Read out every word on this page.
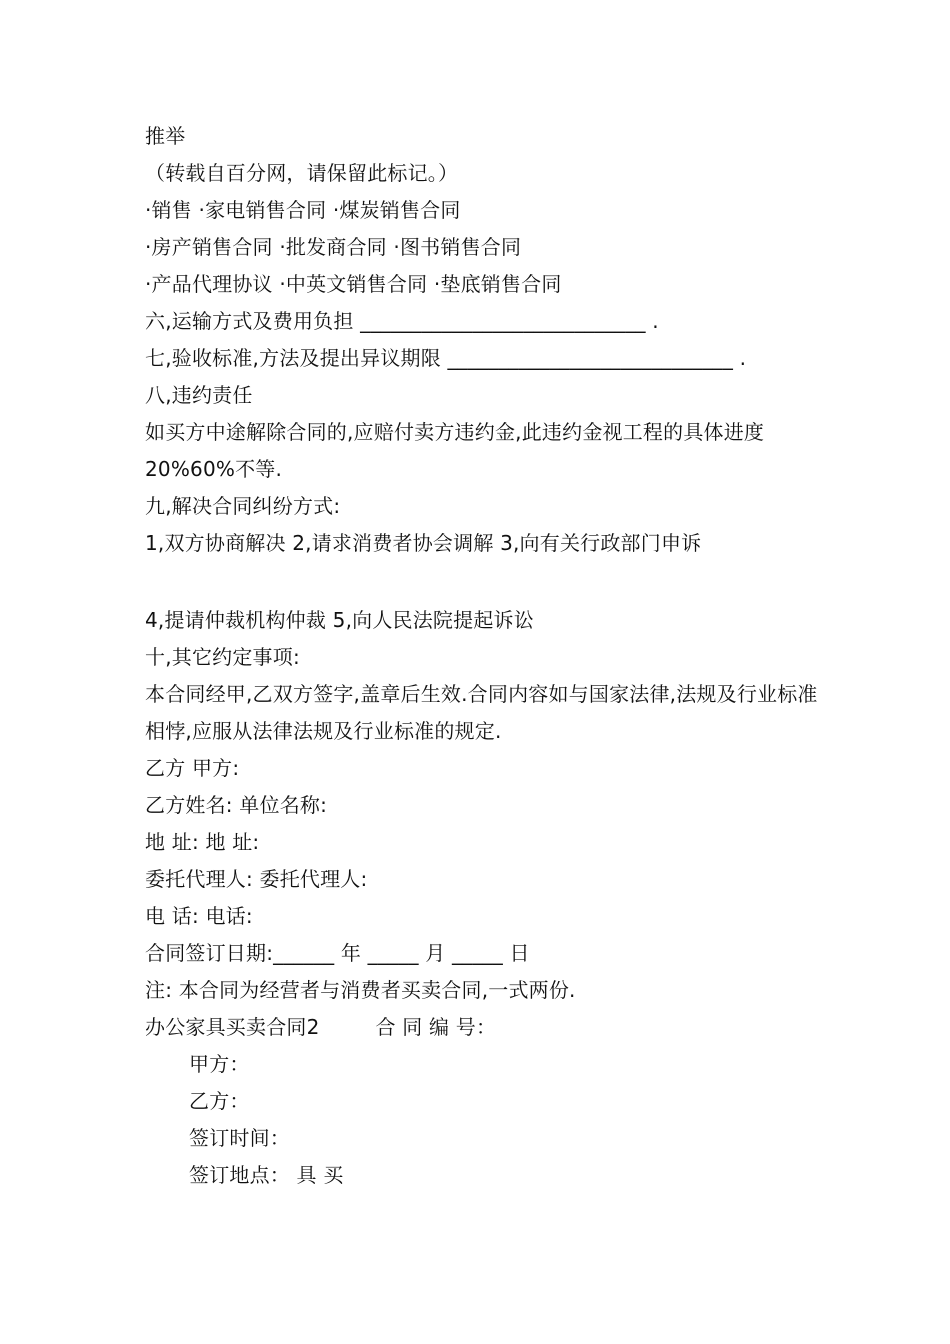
推举
（转载自百分网，请保留此标记。）
·销售 ·家电销售合同 ·煤炭销售合同
·房产销售合同 ·批发商合同 ·图书销售合同
·产品代理协议 ·中英文销售合同 ·垫底销售合同
六,运输方式及费用负担 ____________________________ .
七,验收标准,方法及提出异议期限 ____________________________ .
八,违约责任
如买方中途解除合同的,应赔付卖方违约金,此违约金视工程的具体进度 20%60%不等.
九,解决合同纠纷方式:
1,双方协商解决 2,请求消费者协会调解 3,向有关行政部门申诉
4,提请仲裁机构仲裁 5,向人民法院提起诉讼
十,其它约定事项:
本合同经甲,乙双方签字,盖章后生效.合同内容如与国家法律,法规及行业标准相悖,应服从法律法规及行业标准的规定.
乙方 甲方:
乙方姓名: 单位名称:
地 址: 地 址:
委托代理人: 委托代理人:
电 话: 电话:
合同签订日期:______ 年 _____ 月 _____ 日
注: 本合同为经营者与消费者买卖合同,一式两份.
办公家具买卖合同2	合 同 编 号：
甲方：
乙方：
签订时间：
签订地点： 具 买
